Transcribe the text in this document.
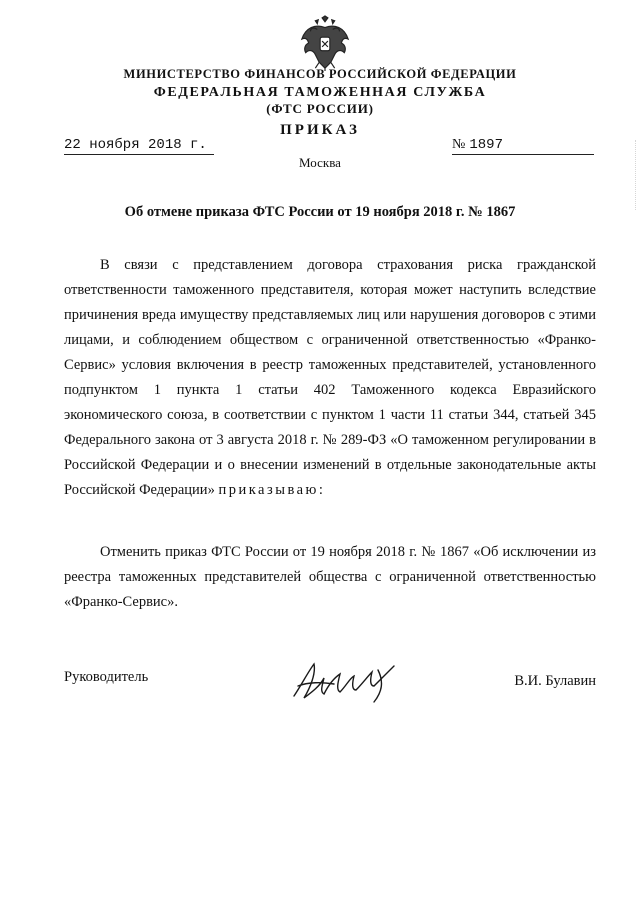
МИНИСТЕРСТВО ФИНАНСОВ РОССИЙСКОЙ ФЕДЕРАЦИИ
ФЕДЕРАЛЬНАЯ ТАМОЖЕННАЯ СЛУЖБА
(ФТС РОССИИ)
ПРИКАЗ
22 ноября 2018 г.	№ 1897
Москва
Об отмене приказа ФТС России от 19 ноября 2018 г. № 1867

В связи с представлением договора страхования риска гражданской ответственности таможенного представителя, которая может наступить вследствие причинения вреда имуществу представляемых лиц или нарушения договоров с этими лицами, и соблюдением обществом с ограниченной ответственностью «Франко-Сервис» условия включения в реестр таможенных представителей, установленного подпунктом 1 пункта 1 статьи 402 Таможенного кодекса Евразийского экономического союза, в соответствии с пунктом 1 части 11 статьи 344, статьей 345 Федерального закона от 3 августа 2018 г. № 289-ФЗ «О таможенном регулировании в Российской Федерации и о внесении изменений в отдельные законодательные акты Российской Федерации» приказываю:

Отменить приказ ФТС России от 19 ноября 2018 г. № 1867 «Об исключении из реестра таможенных представителей общества с ограниченной ответственностью «Франко-Сервис».

Руководитель	В.И. Булавин
